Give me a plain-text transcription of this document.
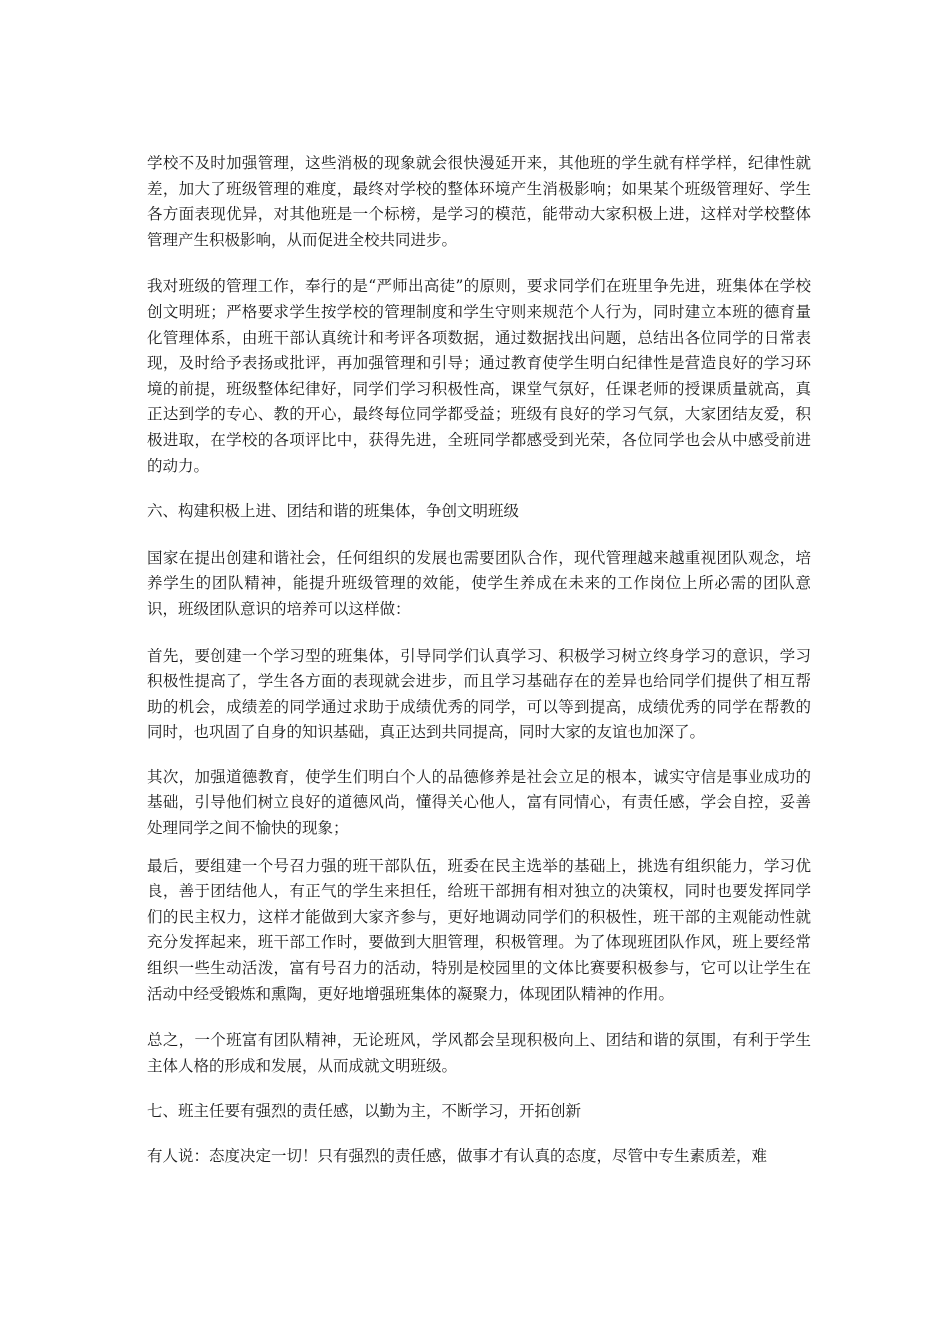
学校不及时加强管理，这些消极的现象就会很快漫延开来，其他班的学生就有样学样，纪律性就差，加大了班级管理的难度，最终对学校的整体环境产生消极影响；如果某个班级管理好、学生各方面表现优异，对其他班是一个标榜，是学习的模范，能带动大家积极上进，这样对学校整体管理产生积极影响，从而促进全校共同进步。

我对班级的管理工作，奉行的是“严师出高徒”的原则，要求同学们在班里争先进，班集体在学校创文明班；严格要求学生按学校的管理制度和学生守则来规范个人行为，同时建立本班的德育量化管理体系，由班干部认真统计和考评各项数据，通过数据找出问题，总结出各位同学的日常表现，及时给予表扬或批评，再加强管理和引导；通过教育使学生明白纪律性是营造良好的学习环境的前提，班级整体纪律好，同学们学习积极性高，课堂气氛好，任课老师的授课质量就高，真正达到学的专心、教的开心，最终每位同学都受益；班级有良好的学习气氛，大家团结友爱，积极进取，在学校的各项评比中，获得先进，全班同学都感受到光荣，各位同学也会从中感受前进的动力。

六、构建积极上进、团结和谐的班集体，争创文明班级

国家在提出创建和谐社会，任何组织的发展也需要团队合作，现代管理越来越重视团队观念，培养学生的团队精神，能提升班级管理的效能，使学生养成在未来的工作岗位上所必需的团队意识，班级团队意识的培养可以这样做：

首先，要创建一个学习型的班集体，引导同学们认真学习、积极学习树立终身学习的意识，学习积极性提高了，学生各方面的表现就会进步，而且学习基础存在的差异也给同学们提供了相互帮助的机会，成绩差的同学通过求助于成绩优秀的同学，可以等到提高，成绩优秀的同学在帮教的同时，也巩固了自身的知识基础，真正达到共同提高，同时大家的友谊也加深了。

其次，加强道德教育，使学生们明白个人的品德修养是社会立足的根本，诚实守信是事业成功的基础，引导他们树立良好的道德风尚，懂得关心他人，富有同情心，有责任感，学会自控，妥善处理同学之间不愉快的现象；

最后，要组建一个号召力强的班干部队伍，班委在民主选举的基础上，挑选有组织能力，学习优良，善于团结他人，有正气的学生来担任，给班干部拥有相对独立的决策权，同时也要发挥同学们的民主权力，这样才能做到大家齐参与，更好地调动同学们的积极性，班干部的主观能动性就充分发挥起来，班干部工作时，要做到大胆管理，积极管理。为了体现班团队作风，班上要经常组织一些生动活泼，富有号召力的活动，特别是校园里的文体比赛要积极参与，它可以让学生在活动中经受锻炼和熏陶，更好地增强班集体的凝聚力，体现团队精神的作用。

总之，一个班富有团队精神，无论班风，学风都会呈现积极向上、团结和谐的氛围，有利于学生主体人格的形成和发展，从而成就文明班级。

七、班主任要有强烈的责任感，以勤为主，不断学习，开拓创新

有人说：态度决定一切！只有强烈的责任感，做事才有认真的态度，尽管中专生素质差，难
